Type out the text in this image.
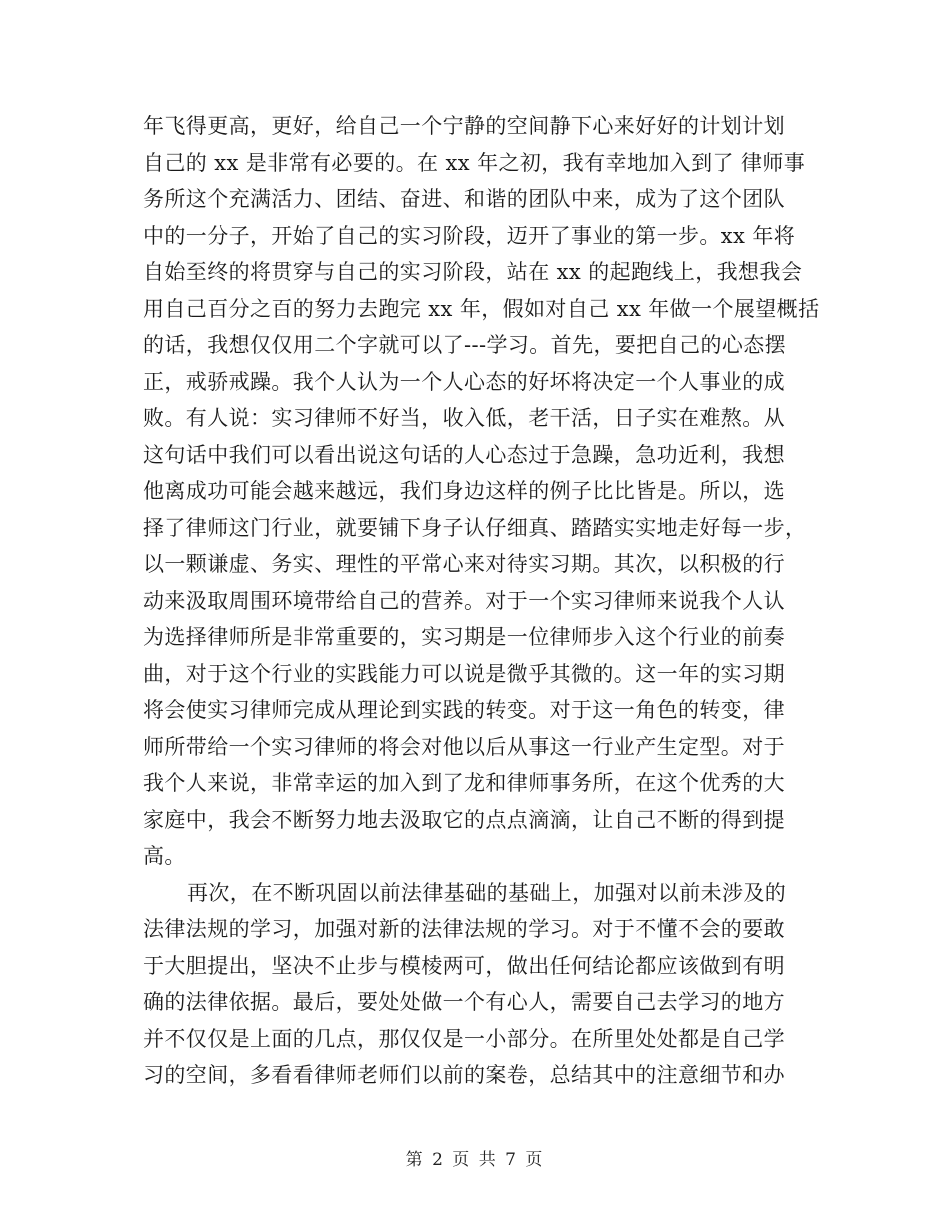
年飞得更高，更好，给自己一个宁静的空间静下心来好好的计划计划
自己的 xx 是非常有必要的。在 xx 年之初，我有幸地加入到了 律师事
务所这个充满活力、团结、奋进、和谐的团队中来，成为了这个团队
中的一分子，开始了自己的实习阶段，迈开了事业的第一步。xx 年将
自始至终的将贯穿与自己的实习阶段，站在 xx 的起跑线上，我想我会
用自己百分之百的努力去跑完 xx 年，假如对自己 xx 年做一个展望概括
的话，我想仅仅用二个字就可以了---学习。首先，要把自己的心态摆
正，戒骄戒躁。我个人认为一个人心态的好坏将决定一个人事业的成
败。有人说：实习律师不好当，收入低，老干活，日子实在难熬。从
这句话中我们可以看出说这句话的人心态过于急躁，急功近利，我想
他离成功可能会越来越远，我们身边这样的例子比比皆是。所以，选
择了律师这门行业，就要铺下身子认仔细真、踏踏实实地走好每一步，
以一颗谦虚、务实、理性的平常心来对待实习期。其次，以积极的行
动来汲取周围环境带给自己的营养。对于一个实习律师来说我个人认
为选择律师所是非常重要的，实习期是一位律师步入这个行业的前奏
曲，对于这个行业的实践能力可以说是微乎其微的。这一年的实习期
将会使实习律师完成从理论到实践的转变。对于这一角色的转变，律
师所带给一个实习律师的将会对他以后从事这一行业产生定型。对于
我个人来说，非常幸运的加入到了龙和律师事务所，在这个优秀的大
家庭中，我会不断努力地去汲取它的点点滴滴，让自己不断的得到提
高。
再次，在不断巩固以前法律基础的基础上，加强对以前未涉及的
法律法规的学习，加强对新的法律法规的学习。对于不懂不会的要敢
于大胆提出，坚决不止步与模棱两可，做出任何结论都应该做到有明
确的法律依据。最后，要处处做一个有心人，需要自己去学习的地方
并不仅仅是上面的几点，那仅仅是一小部分。在所里处处都是自己学
习的空间，多看看律师老师们以前的案卷，总结其中的注意细节和办
第 2 页 共 7 页
